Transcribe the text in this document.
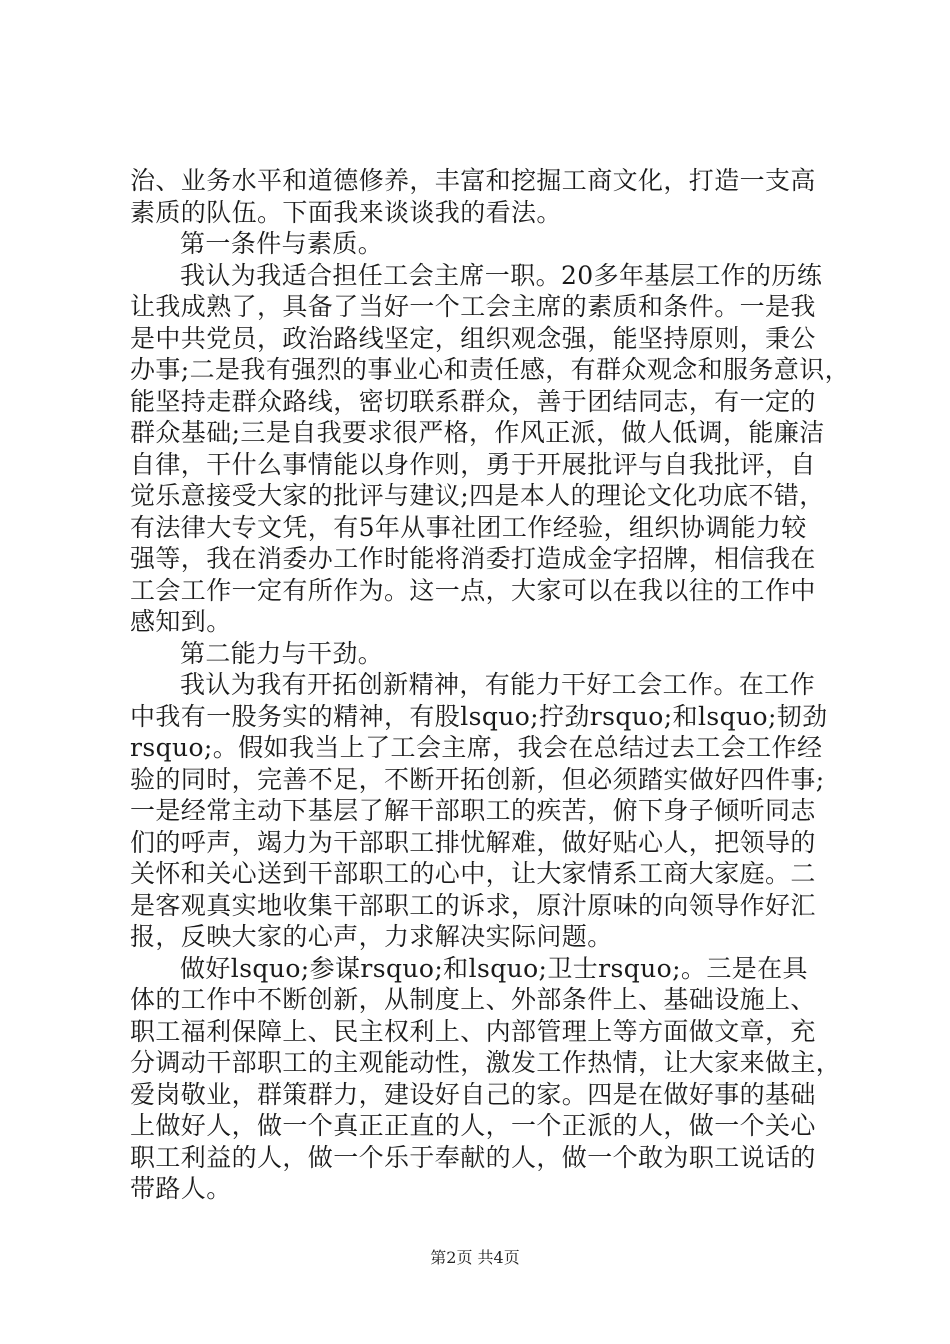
治、业务水平和道德修养，丰富和挖掘工商文化，打造一支高
素质的队伍。下面我来谈谈我的看法。
第一条件与素质。
我认为我适合担任工会主席一职。20多年基层工作的历练
让我成熟了，具备了当好一个工会主席的素质和条件。一是我
是中共党员，政治路线坚定，组织观念强，能坚持原则，秉公
办事;二是我有强烈的事业心和责任感，有群众观念和服务意识，
能坚持走群众路线，密切联系群众，善于团结同志，有一定的
群众基础;三是自我要求很严格，作风正派，做人低调，能廉洁
自律，干什么事情能以身作则，勇于开展批评与自我批评，自
觉乐意接受大家的批评与建议;四是本人的理论文化功底不错，
有法律大专文凭，有5年从事社团工作经验，组织协调能力较
强等，我在消委办工作时能将消委打造成金字招牌，相信我在
工会工作一定有所作为。这一点，大家可以在我以往的工作中
感知到。
第二能力与干劲。
我认为我有开拓创新精神，有能力干好工会工作。在工作
中我有一股务实的精神，有股lsquo;拧劲rsquo;和lsquo;韧劲
rsquo;。假如我当上了工会主席，我会在总结过去工会工作经
验的同时，完善不足，不断开拓创新，但必须踏实做好四件事;
一是经常主动下基层了解干部职工的疾苦，俯下身子倾听同志
们的呼声，竭力为干部职工排忧解难，做好贴心人，把领导的
关怀和关心送到干部职工的心中，让大家情系工商大家庭。二
是客观真实地收集干部职工的诉求，原汁原味的向领导作好汇
报，反映大家的心声，力求解决实际问题。
做好lsquo;参谋rsquo;和lsquo;卫士rsquo;。三是在具
体的工作中不断创新，从制度上、外部条件上、基础设施上、
职工福利保障上、民主权利上、内部管理上等方面做文章，充
分调动干部职工的主观能动性，激发工作热情，让大家来做主，
爱岗敬业，群策群力，建设好自己的家。四是在做好事的基础
上做好人，做一个真正正直的人，一个正派的人，做一个关心
职工利益的人，做一个乐于奉献的人，做一个敢为职工说话的
带路人。
第2页 共4页
